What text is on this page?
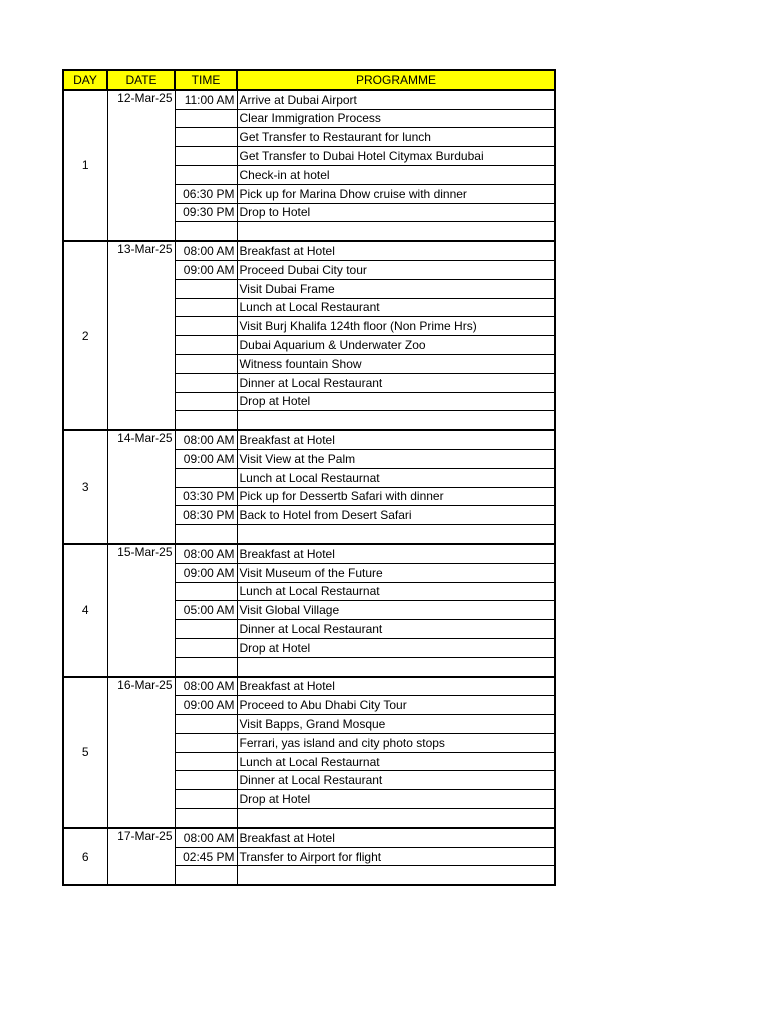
DAY	DATE	TIME	PROGRAMME
1	12-Mar-25	11:00 AM	Arrive at Dubai Airport
			Clear Immigration Process
			Get Transfer to Restaurant for lunch
			Get Transfer to Dubai Hotel Citymax Burdubai
			Check-in at hotel
		06:30 PM	Pick up for Marina Dhow cruise with dinner
		09:30 PM	Drop to Hotel

2	13-Mar-25	08:00 AM	Breakfast at Hotel
		09:00 AM	Proceed Dubai City tour
			Visit Dubai Frame
			Lunch at Local Restaurant
			Visit Burj Khalifa 124th floor (Non Prime Hrs)
			Dubai Aquarium & Underwater Zoo
			Witness fountain Show
			Dinner at Local Restaurant
			Drop at Hotel

3	14-Mar-25	08:00 AM	Breakfast at Hotel
		09:00 AM	Visit View at the Palm
			Lunch at Local Restaurnat
		03:30 PM	Pick up for Dessertb Safari with dinner
		08:30 PM	Back to Hotel from Desert Safari

4	15-Mar-25	08:00 AM	Breakfast at Hotel
		09:00 AM	Visit Museum of the Future
			Lunch at Local Restaurnat
		05:00 AM	Visit Global Village
			Dinner at Local Restaurant
			Drop at Hotel

5	16-Mar-25	08:00 AM	Breakfast at Hotel
		09:00 AM	Proceed to Abu Dhabi City Tour
			Visit Bapps, Grand Mosque
			Ferrari, yas island and city photo stops
			Lunch at Local Restaurnat
			Dinner at Local Restaurant
			Drop at Hotel

6	17-Mar-25	08:00 AM	Breakfast at Hotel
		02:45 PM	Transfer to Airport for flight
